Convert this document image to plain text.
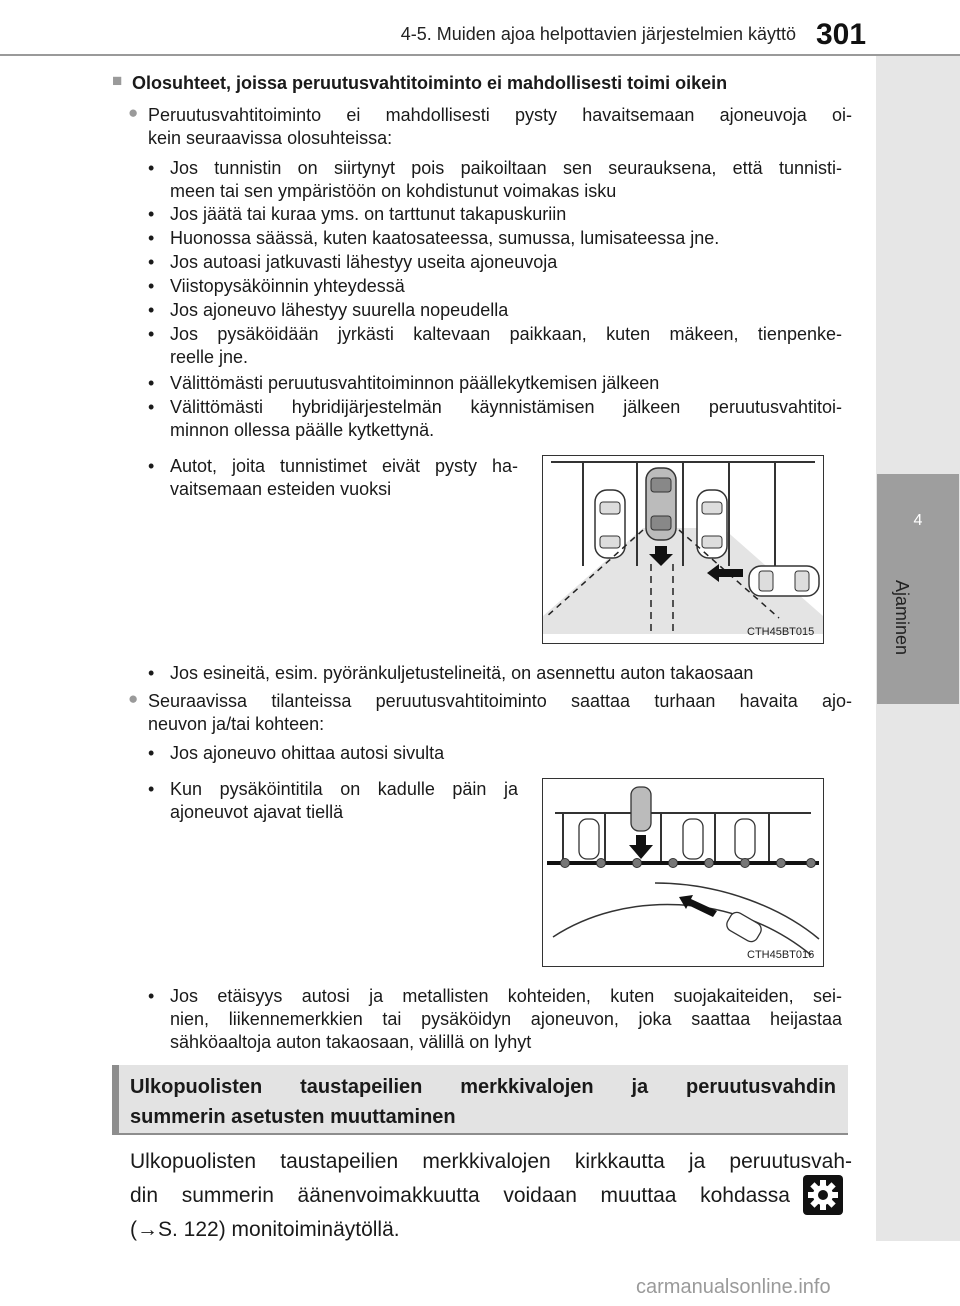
4-5. Muiden ajoa helpottavien järjestelmien käyttö 301
4
Ajaminen
■ Olosuhteet, joissa peruutusvahtitoiminto ei mahdollisesti toimi oikein
● Peruutusvahtitoiminto ei mahdollisesti pysty havaitsemaan ajoneuvoja oi-
kein seuraavissa olosuhteissa:
• Jos tunnistin on siirtynyt pois paikoiltaan sen seurauksena, että tunnisti-
meen tai sen ympäristöön on kohdistunut voimakas isku
• Jos jäätä tai kuraa yms. on tarttunut takapuskuriin
• Huonossa säässä, kuten kaatosateessa, sumussa, lumisateessa jne.
• Jos autoasi jatkuvasti lähestyy useita ajoneuvoja
• Viistopysäköinnin yhteydessä
• Jos ajoneuvo lähestyy suurella nopeudella
• Jos pysäköidään jyrkästi kaltevaan paikkaan, kuten mäkeen, tienpenke-
reelle jne.
• Välittömästi peruutusvahtitoiminnon päällekytkemisen jälkeen
• Välittömästi hybridijärjestelmän käynnistämisen jälkeen peruutusvahtitoi-
minnon ollessa päälle kytkettynä.
• Autot, joita tunnistimet eivät pysty ha-
vaitsemaan esteiden vuoksi
CTH45BT015
• Jos esineitä, esim. pyöränkuljetustelineitä, on asennettu auton takaosaan
● Seuraavissa tilanteissa peruutusvahtitoiminto saattaa turhaan havaita ajo-
neuvon ja/tai kohteen:
• Jos ajoneuvo ohittaa autosi sivulta
• Kun pysäköintitila on kadulle päin ja
ajoneuvot ajavat tiellä
CTH45BT016
• Jos etäisyys autosi ja metallisten kohteiden, kuten suojakaiteiden, sei-
nien, liikennemerkkien tai pysäköidyn ajoneuvon, joka saattaa heijastaa
sähköaaltoja auton takaosaan, välillä on lyhyt
Ulkopuolisten taustapeilien merkkivalojen ja peruutusvahdin
summerin asetusten muuttaminen
Ulkopuolisten taustapeilien merkkivalojen kirkkautta ja peruutusvah-
din summerin äänenvoimakkuutta voidaan muuttaa kohdassa
(→S. 122) monitoiminäytöllä.
carmanualsonline.info
